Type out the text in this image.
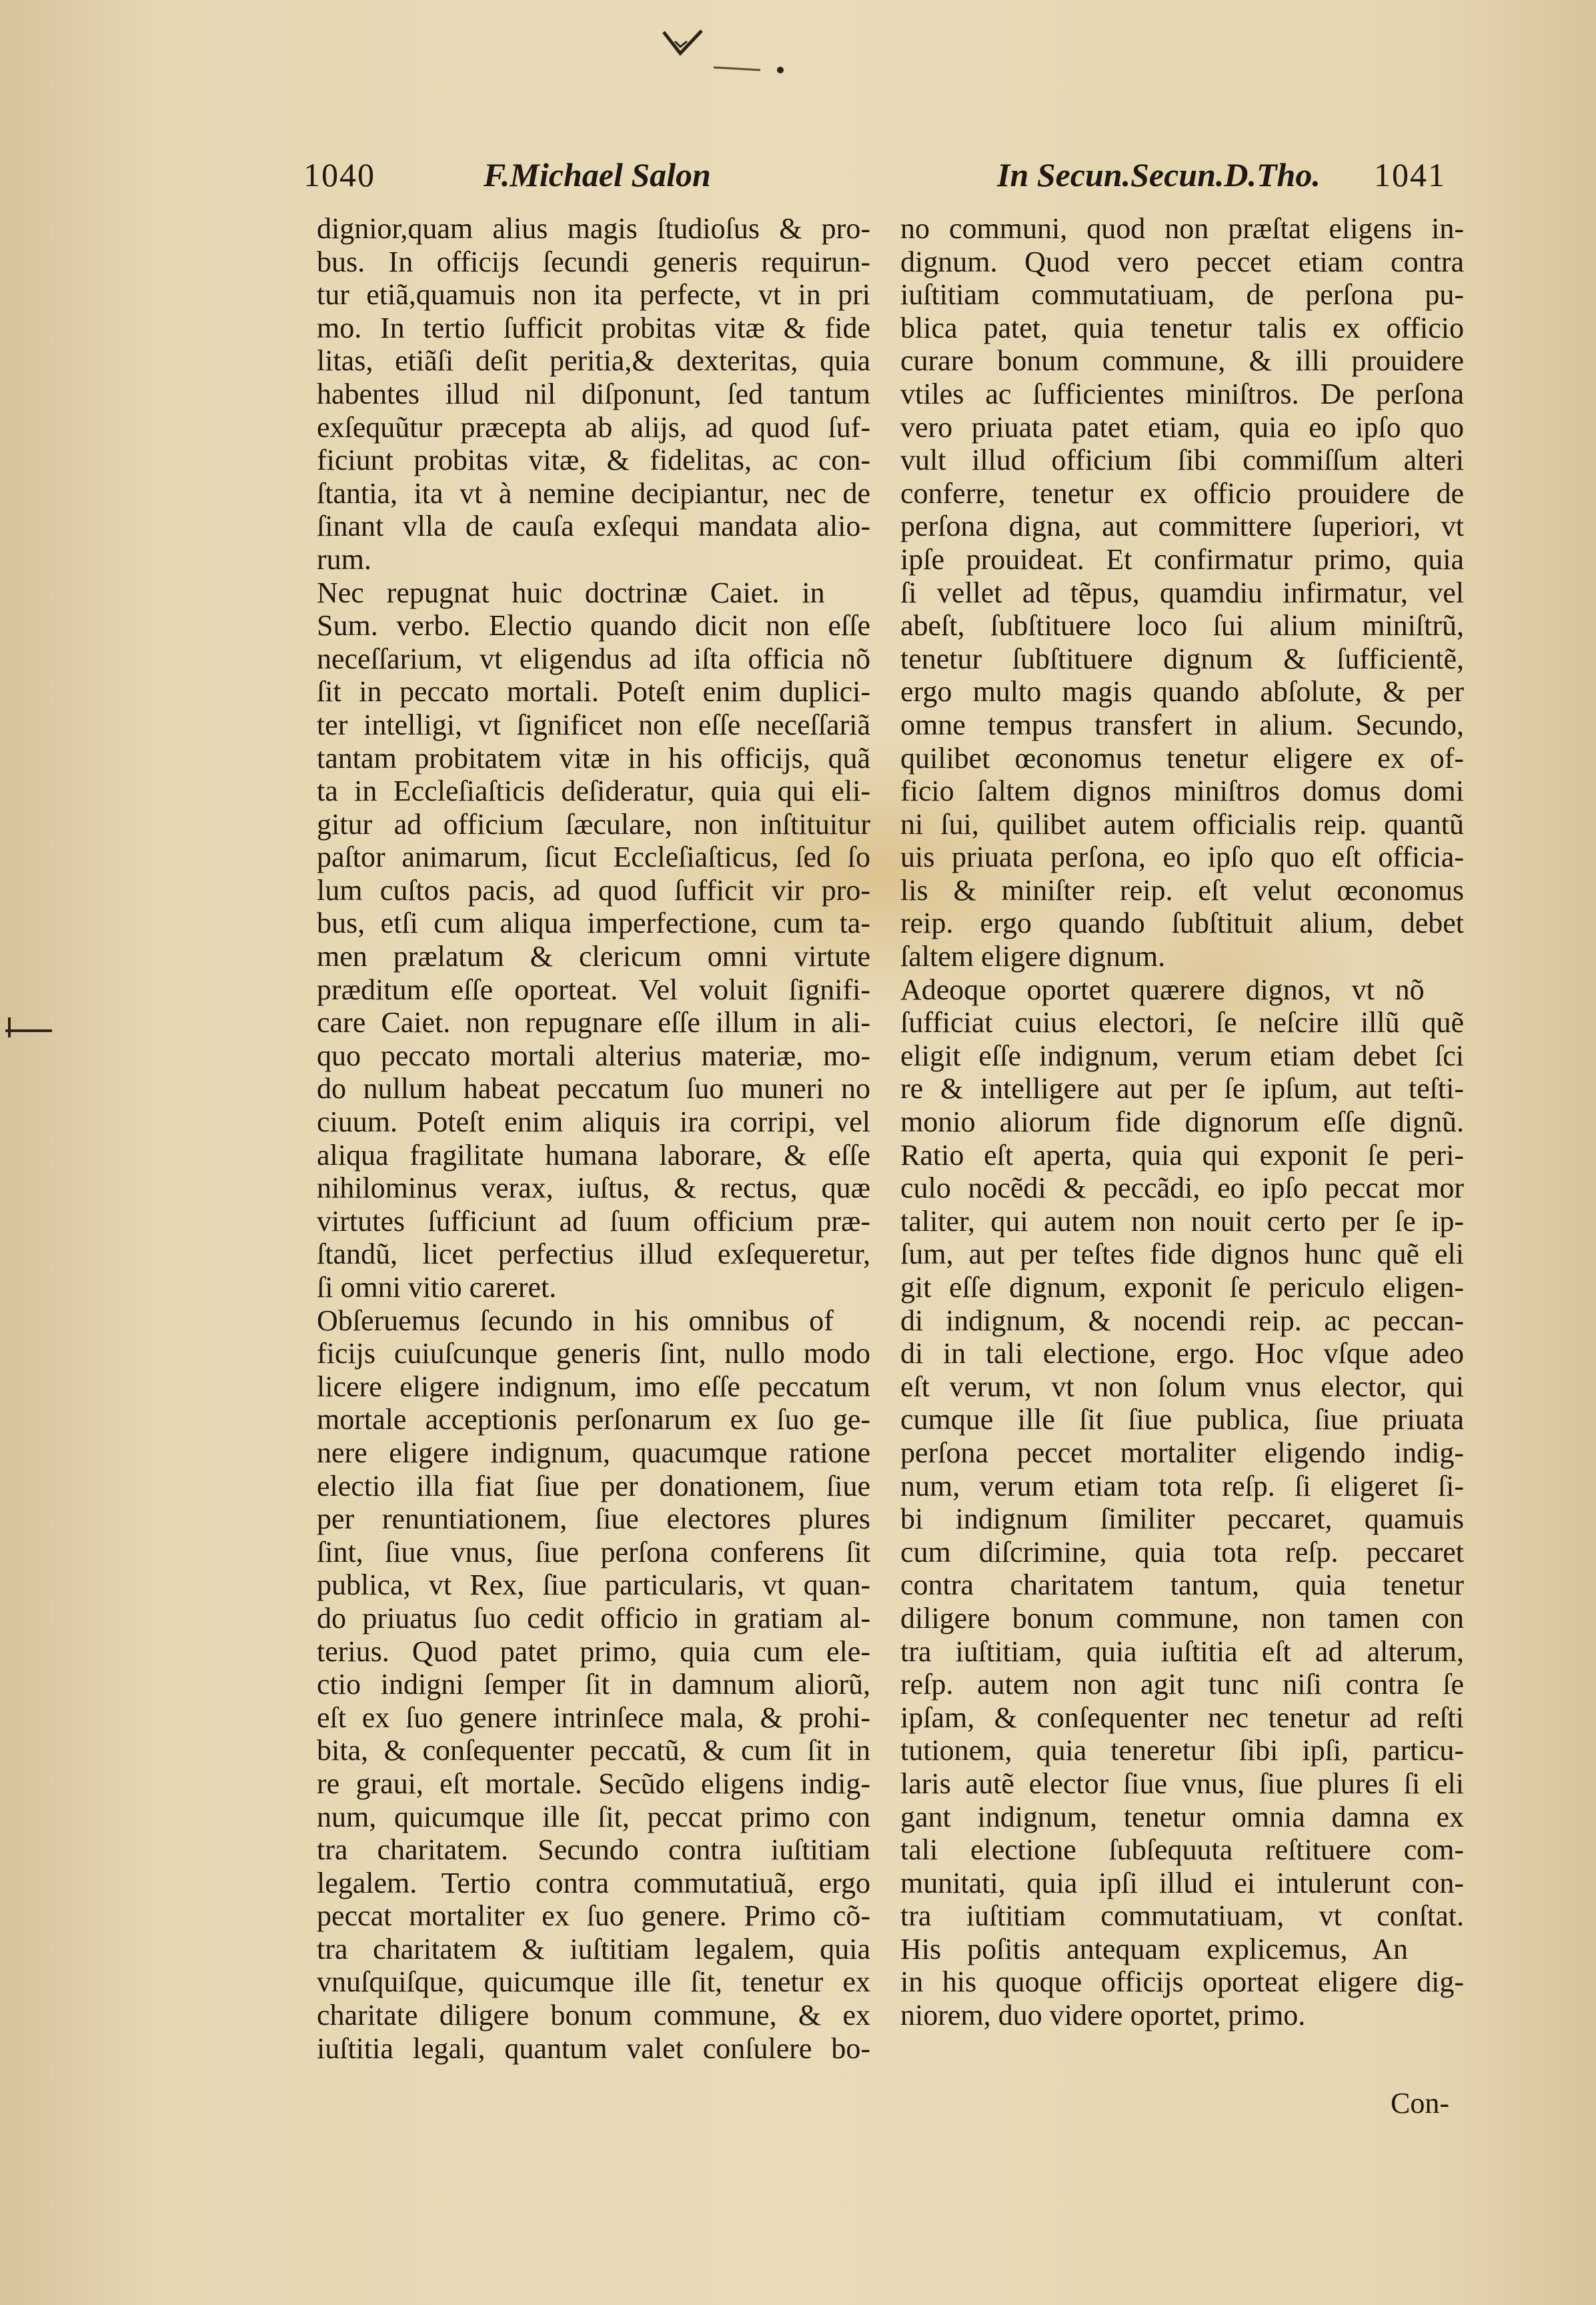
1040	F.Michael Salon	In Secun.Secun.D.Tho. 1041
dignior,quam alius magis ſtudioſus & pro-
bus. In officijs ſecundi generis requirun-
tur etiã,quamuis non ita perfecte, vt in pri
mo. In tertio ſufficit probitas vitæ & fide
litas, etiãſi deſit peritia,& dexteritas, quia
habentes illud nil diſponunt, ſed tantum
exſequũtur præcepta ab alijs, ad quod ſuf-
ficiunt probitas vitæ, & fidelitas, ac con-
ſtantia, ita vt à nemine decipiantur, nec de
ſinant vlla de cauſa exſequi mandata alio-
rum.
Nec repugnat huic doctrinæ Caiet. in
Sum. verbo. Electio quando dicit non eſſe
neceſſarium, vt eligendus ad iſta officia nõ
ſit in peccato mortali. Poteſt enim duplici-
ter intelligi, vt ſignificet non eſſe neceſſariã
tantam probitatem vitæ in his officijs, quã
ta in Eccleſiaſticis deſideratur, quia qui eli-
gitur ad officium ſæculare, non inſtituitur
paſtor animarum, ſicut Eccleſiaſticus, ſed ſo
lum cuſtos pacis, ad quod ſufficit vir pro-
bus, etſi cum aliqua imperfectione, cum ta-
men prælatum & clericum omni virtute
præditum eſſe oporteat. Vel voluit ſignifi-
care Caiet. non repugnare eſſe illum in ali-
quo peccato mortali alterius materiæ, mo-
do nullum habeat peccatum ſuo muneri no
ciuum. Poteſt enim aliquis ira corripi, vel
aliqua fragilitate humana laborare, & eſſe
nihilominus verax, iuſtus, & rectus, quæ
virtutes ſufficiunt ad ſuum officium præ-
ſtandũ, licet perfectius illud exſequeretur,
ſi omni vitio careret.
Obſeruemus ſecundo in his omnibus of
ficijs cuiuſcunque generis ſint, nullo modo
licere eligere indignum, imo eſſe peccatum
mortale acceptionis perſonarum ex ſuo ge-
nere eligere indignum, quacumque ratione
electio illa fiat ſiue per donationem, ſiue
per renuntiationem, ſiue electores plures
ſint, ſiue vnus, ſiue perſona conferens ſit
publica, vt Rex, ſiue particularis, vt quan-
do priuatus ſuo cedit officio in gratiam al-
terius. Quod patet primo, quia cum ele-
ctio indigni ſemper ſit in damnum aliorũ,
eſt ex ſuo genere intrinſece mala, & prohi-
bita, & conſequenter peccatũ, & cum ſit in
re graui, eſt mortale. Secũdo eligens indig-
num, quicumque ille ſit, peccat primo con
tra charitatem. Secundo contra iuſtitiam
legalem. Tertio contra commutatiuã, ergo
peccat mortaliter ex ſuo genere. Primo cõ-
tra charitatem & iuſtitiam legalem, quia
vnuſquiſque, quicumque ille ſit, tenetur ex
charitate diligere bonum commune, & ex
iuſtitia legali, quantum valet conſulere bo-
no communi, quod non præſtat eligens in-
dignum. Quod vero peccet etiam contra
iuſtitiam commutatiuam, de perſona pu-
blica patet, quia tenetur talis ex officio
curare bonum commune, & illi prouidere
vtiles ac ſufficientes miniſtros. De perſona
vero priuata patet etiam, quia eo ipſo quo
vult illud officium ſibi commiſſum alteri
conferre, tenetur ex officio prouidere de
perſona digna, aut committere ſuperiori, vt
ipſe prouideat. Et confirmatur primo, quia
ſi vellet ad tẽpus, quamdiu infirmatur, vel
abeſt, ſubſtituere loco ſui alium miniſtrũ,
tenetur ſubſtituere dignum & ſufficientẽ,
ergo multo magis quando abſolute, & per
omne tempus transfert in alium. Secundo,
quilibet œconomus tenetur eligere ex of-
ficio ſaltem dignos miniſtros domus domi
ni ſui, quilibet autem officialis reip. quantũ
uis priuata perſona, eo ipſo quo eſt officia-
lis & miniſter reip. eſt velut œconomus
reip. ergo quando ſubſtituit alium, debet
ſaltem eligere dignum.
Adeoque oportet quærere dignos, vt nõ
ſufficiat cuius electori, ſe neſcire illũ quẽ
eligit eſſe indignum, verum etiam debet ſci
re & intelligere aut per ſe ipſum, aut teſti-
monio aliorum fide dignorum eſſe dignũ.
Ratio eſt aperta, quia qui exponit ſe peri-
culo nocẽdi & peccãdi, eo ipſo peccat mor
taliter, qui autem non nouit certo per ſe ip-
ſum, aut per teſtes fide dignos hunc quẽ eli
git eſſe dignum, exponit ſe periculo eligen-
di indignum, & nocendi reip. ac peccan-
di in tali electione, ergo. Hoc vſque adeo
eſt verum, vt non ſolum vnus elector, qui
cumque ille ſit ſiue publica, ſiue priuata
perſona peccet mortaliter eligendo indig-
num, verum etiam tota reſp. ſi eligeret ſi-
bi indignum ſimiliter peccaret, quamuis
cum diſcrimine, quia tota reſp. peccaret
contra charitatem tantum, quia tenetur
diligere bonum commune, non tamen con
tra iuſtitiam, quia iuſtitia eſt ad alterum,
reſp. autem non agit tunc niſi contra ſe
ipſam, & conſequenter nec tenetur ad reſti
tutionem, quia teneretur ſibi ipſi, particu-
laris autẽ elector ſiue vnus, ſiue plures ſi eli
gant indignum, tenetur omnia damna ex
tali electione ſubſequuta reſtituere com-
munitati, quia ipſi illud ei intulerunt con-
tra iuſtitiam commutatiuam, vt conſtat.
His poſitis antequam explicemus, An
in his quoque officijs oporteat eligere dig-
niorem, duo videre oportet, primo.
Con-
